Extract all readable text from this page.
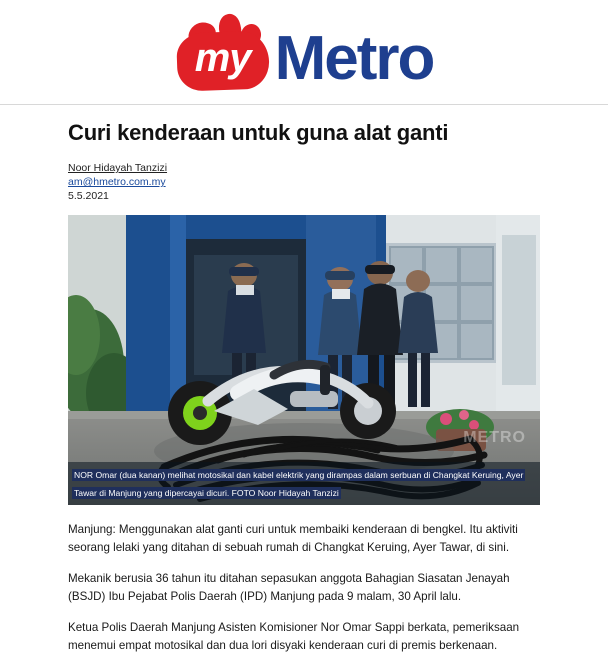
my Metro
Curi kenderaan untuk guna alat ganti
Noor Hidayah Tanzizi
am@hmetro.com.my
5.5.2021
METRO
NOR Omar (dua kanan) melihat motosikal dan kabel elektrik yang dirampas dalam serbuan di Changkat Keruing, Ayer Tawar di Manjung yang dipercayai dicuri. FOTO Noor Hidayah Tanzizi

Manjung: Menggunakan alat ganti curi untuk membaiki kenderaan di bengkel. Itu aktiviti seorang lelaki yang ditahan di sebuah rumah di Changkat Keruing, Ayer Tawar, di sini.

Mekanik berusia 36 tahun itu ditahan sepasukan anggota Bahagian Siasatan Jenayah (BSJD) Ibu Pejabat Polis Daerah (IPD) Manjung pada 9 malam, 30 April lalu.

Ketua Polis Daerah Manjung Asisten Komisioner Nor Omar Sappi berkata, pemeriksaan menemui empat motosikal dan dua lori disyaki kenderaan curi di premis berkenaan.
